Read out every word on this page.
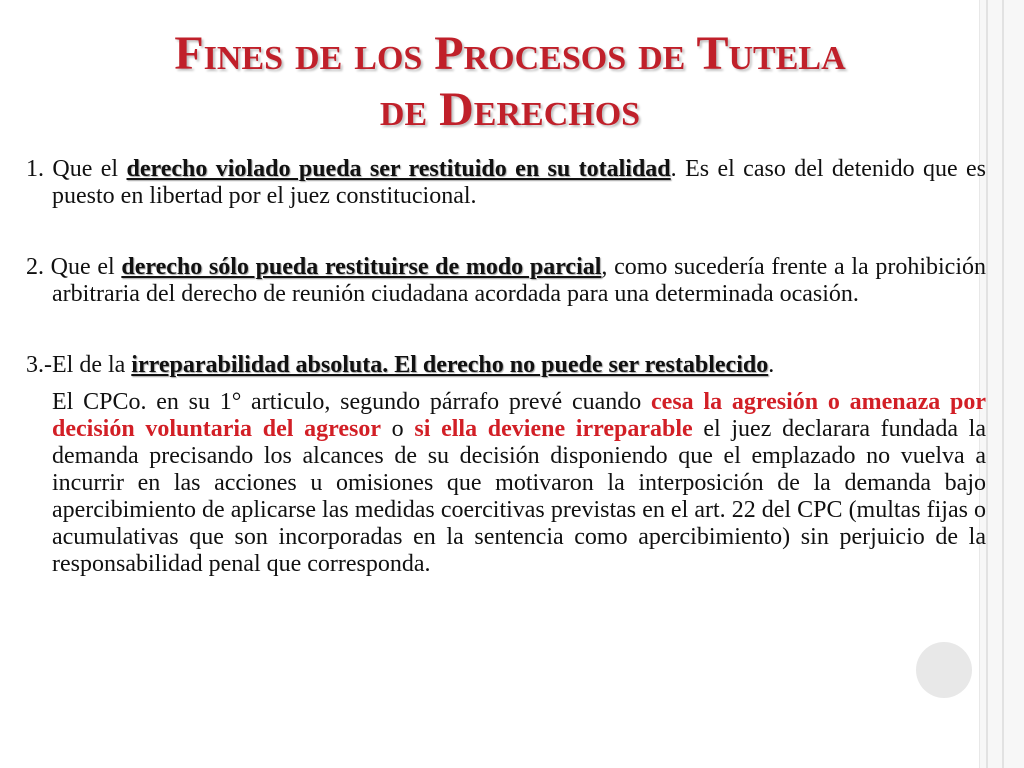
Fines de los Procesos de Tutela
de Derechos

1. Que el derecho violado pueda ser restituido en su totalidad. Es el caso del detenido que es puesto en libertad por el juez constitucional.

2. Que el derecho sólo pueda restituirse de modo parcial, como sucedería frente a la prohibición arbitraria del derecho de reunión ciudadana acordada para una determinada ocasión.

3.-El de la irreparabilidad absoluta. El derecho no puede ser restablecido.

El CPCo. en su 1° articulo, segundo párrafo prevé cuando cesa la agresión o amenaza por decisión voluntaria del agresor o si ella deviene irreparable el juez declarara fundada la demanda precisando los alcances de su decisión disponiendo que el emplazado no vuelva a incurrir en las acciones u omisiones que motivaron la interposición de la demanda bajo apercibimiento de aplicarse las medidas coercitivas previstas en el art. 22 del CPC (multas fijas o acumulativas que son incorporadas en la sentencia como apercibimiento) sin perjuicio de la responsabilidad penal que corresponda.
